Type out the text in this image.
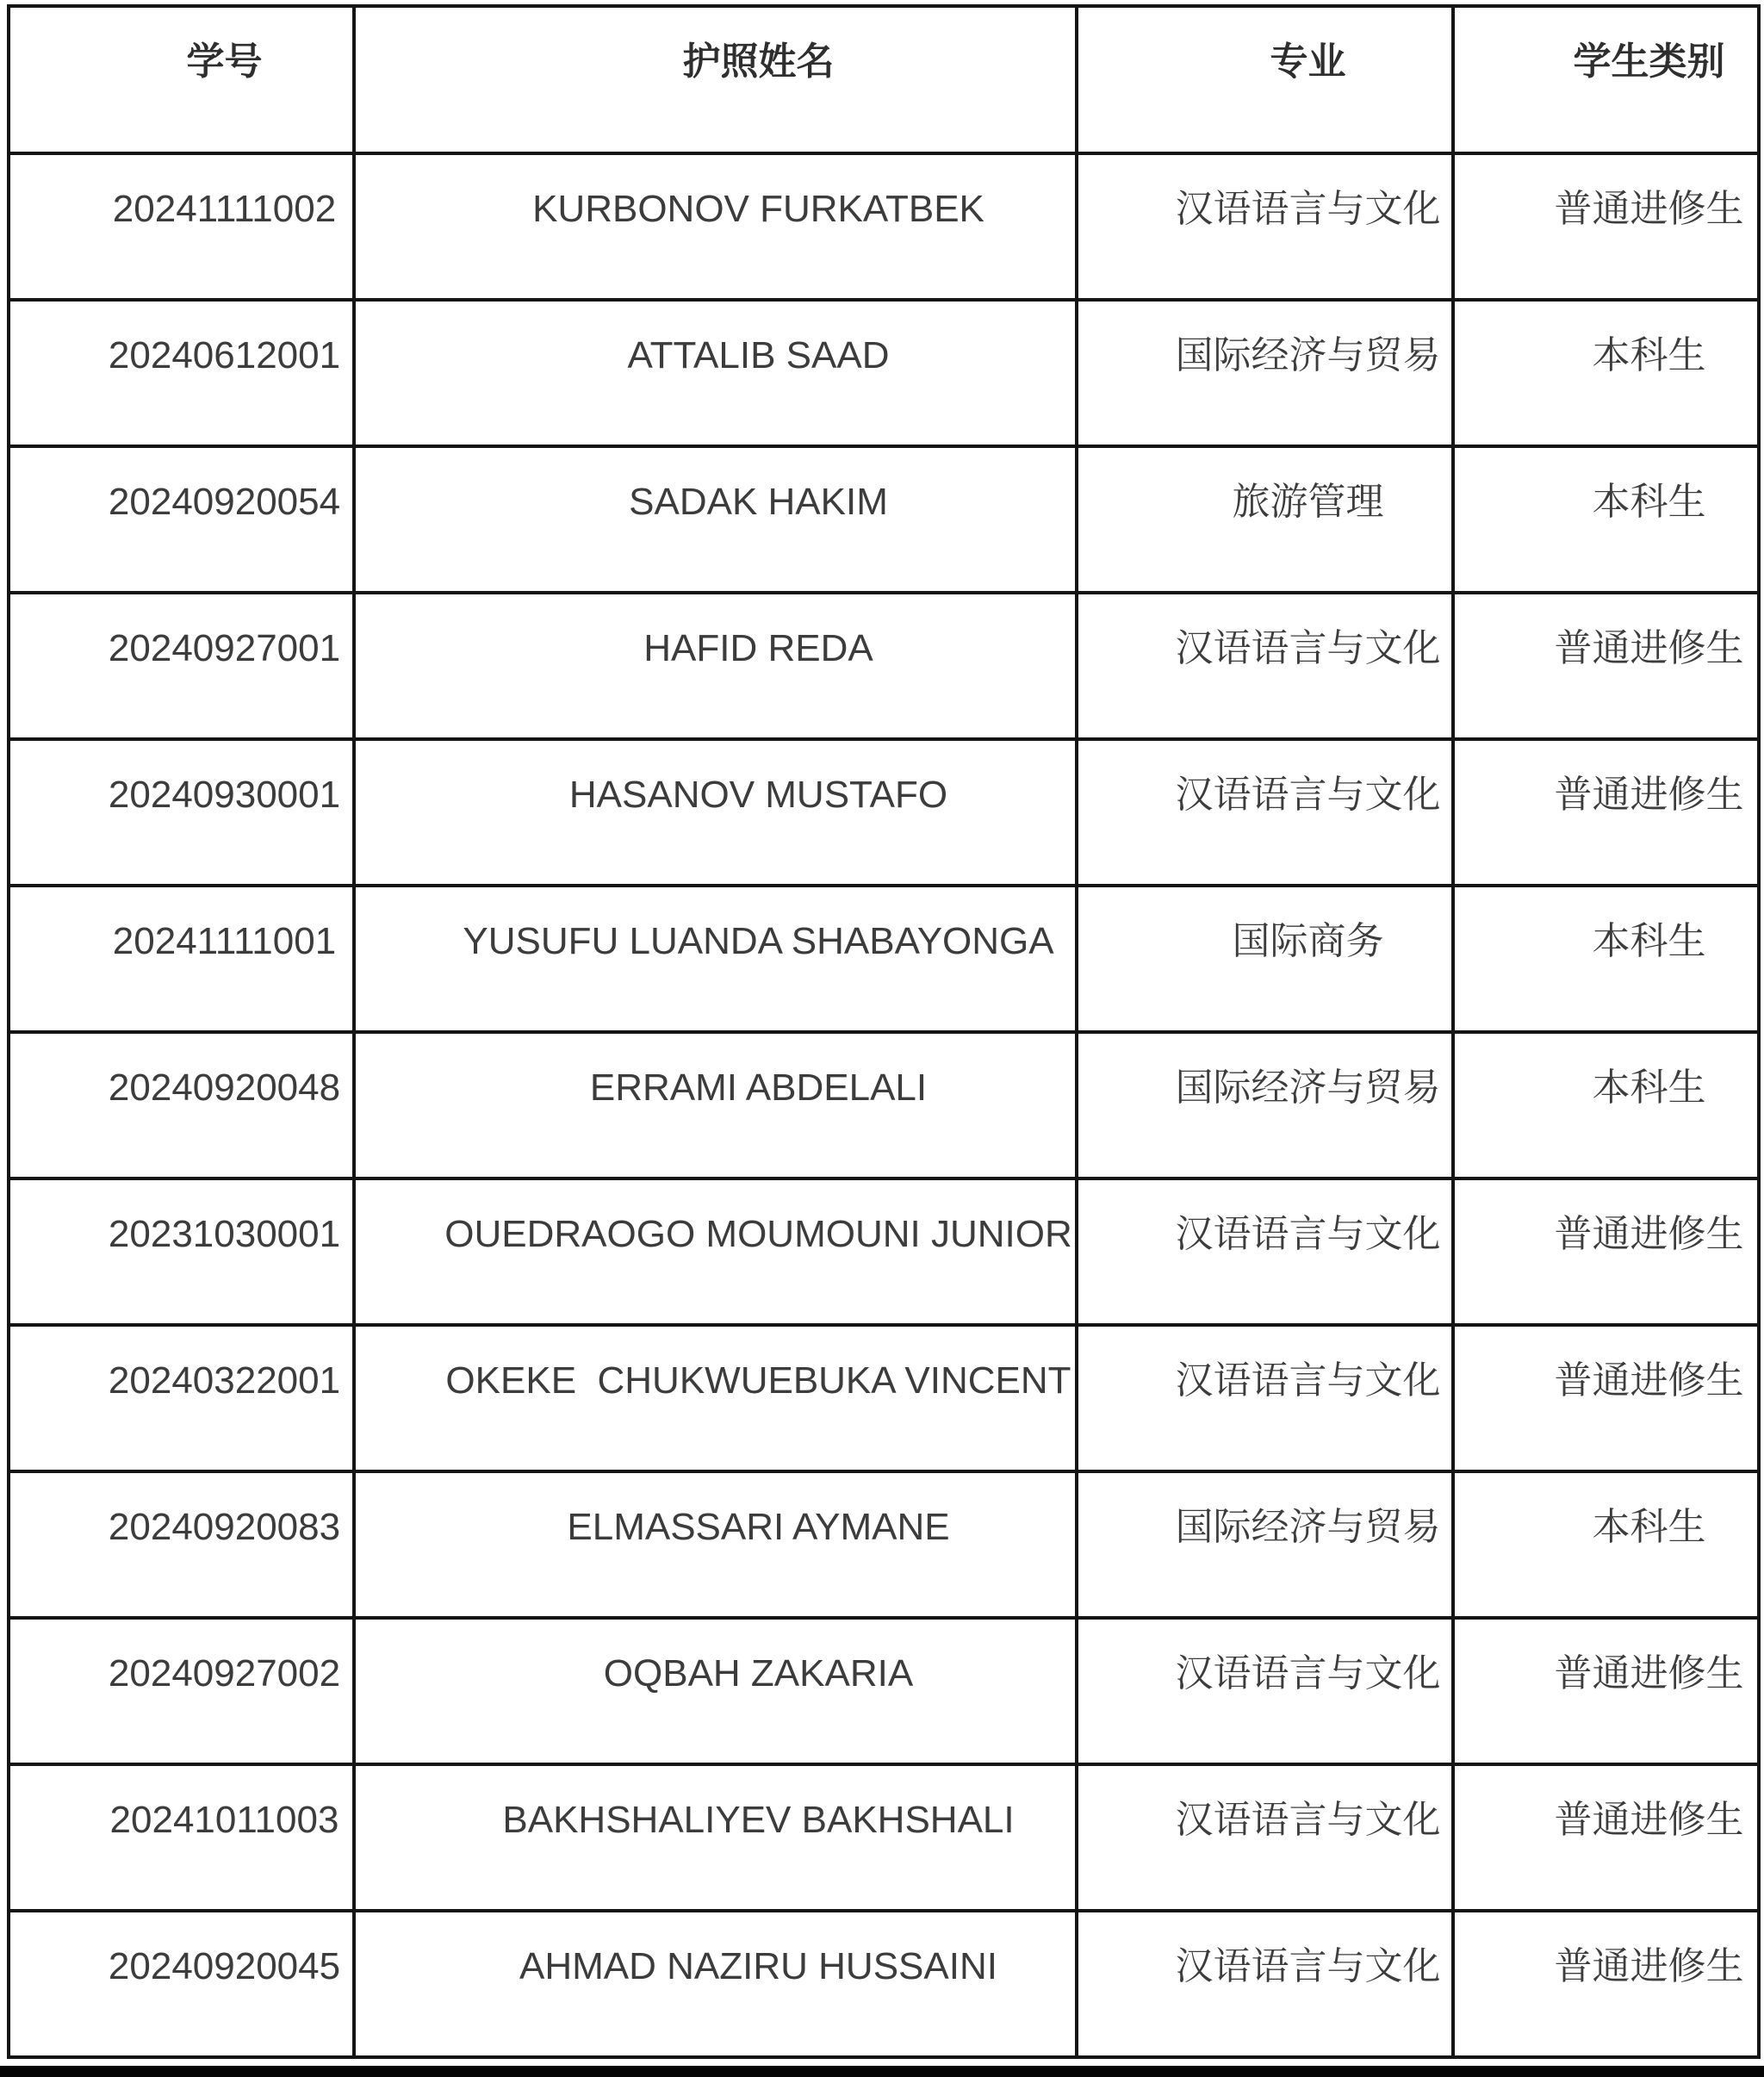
学号	护照姓名	专业	学生类别
20241111002	KURBONOV FURKATBEK	汉语语言与文化	普通进修生
20240612001	ATTALIB SAAD	国际经济与贸易	本科生
20240920054	SADAK HAKIM	旅游管理	本科生
20240927001	HAFID REDA	汉语语言与文化	普通进修生
20240930001	HASANOV MUSTAFO	汉语语言与文化	普通进修生
20241111001	YUSUFU LUANDA SHABAYONGA	国际商务	本科生
20240920048	ERRAMI ABDELALI	国际经济与贸易	本科生
20231030001	OUEDRAOGO MOUMOUNI JUNIOR	汉语语言与文化	普通进修生
20240322001	OKEKE  CHUKWUEBUKA VINCENT	汉语语言与文化	普通进修生
20240920083	ELMASSARI AYMANE	国际经济与贸易	本科生
20240927002	OQBAH ZAKARIA	汉语语言与文化	普通进修生
20241011003	BAKHSHALIYEV BAKHSHALI	汉语语言与文化	普通进修生
20240920045	AHMAD NAZIRU HUSSAINI	汉语语言与文化	普通进修生
